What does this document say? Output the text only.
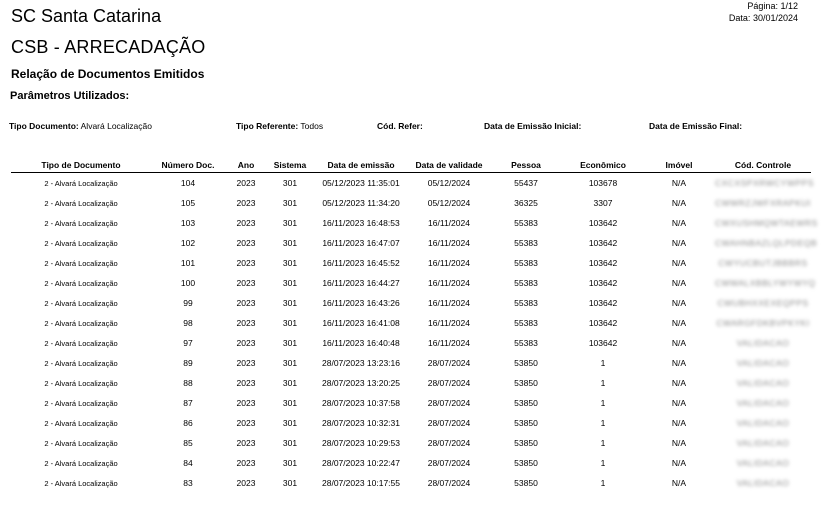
SC Santa Catarina
CSB - ARRECADAÇÃO
Relação de Documentos Emitidos
Parâmetros Utilizados:
Página: 1/12
Data: 30/01/2024
Tipo Documento: Alvará Localização	Tipo Referente: Todos	Cód. Refer:	Data de Emissão Inicial:	Data de Emissão Final:
Tipo de Documento	Número Doc.	Ano	Sistema	Data de emissão	Data de validade	Pessoa	Econômico	Imóvel	Cód. Controle
2 - Alvará Localização	104	2023	301	05/12/2023 11:35:01	05/12/2024	55437	103678	N/A	CXCXSPXRWCYWPPS
2 - Alvará Localização	105	2023	301	05/12/2023 11:34:20	05/12/2024	36325	3307	N/A	CWWRZJWFXRAPKUI
2 - Alvará Localização	103	2023	301	16/11/2023 16:48:53	16/11/2024	55383	103642	N/A	CWXUSHMQWTAEWRS
2 - Alvará Localização	102	2023	301	16/11/2023 16:47:07	16/11/2024	55383	103642	N/A	CWAHNBAZLQLPDEQB
2 - Alvará Localização	101	2023	301	16/11/2023 16:45:52	16/11/2024	55383	103642	N/A	CWYUCBUTJBBBRS
2 - Alvará Localização	100	2023	301	16/11/2023 16:44:27	16/11/2024	55383	103642	N/A	CWWALXBBLYWYWYQ
2 - Alvará Localização	99	2023	301	16/11/2023 16:43:26	16/11/2024	55383	103642	N/A	CWUBHXXEXEQPPS
2 - Alvará Localização	98	2023	301	16/11/2023 16:41:08	16/11/2024	55383	103642	N/A	CWARGFDKBVPKYKI
2 - Alvará Localização	97	2023	301	16/11/2023 16:40:48	16/11/2024	55383	103642	N/A	VALIDACAO
2 - Alvará Localização	89	2023	301	28/07/2023 13:23:16	28/07/2024	53850	1	N/A	VALIDACAO
2 - Alvará Localização	88	2023	301	28/07/2023 13:20:25	28/07/2024	53850	1	N/A	VALIDACAO
2 - Alvará Localização	87	2023	301	28/07/2023 10:37:58	28/07/2024	53850	1	N/A	VALIDACAO
2 - Alvará Localização	86	2023	301	28/07/2023 10:32:31	28/07/2024	53850	1	N/A	VALIDACAO
2 - Alvará Localização	85	2023	301	28/07/2023 10:29:53	28/07/2024	53850	1	N/A	VALIDACAO
2 - Alvará Localização	84	2023	301	28/07/2023 10:22:47	28/07/2024	53850	1	N/A	VALIDACAO
2 - Alvará Localização	83	2023	301	28/07/2023 10:17:55	28/07/2024	53850	1	N/A	VALIDACAO
